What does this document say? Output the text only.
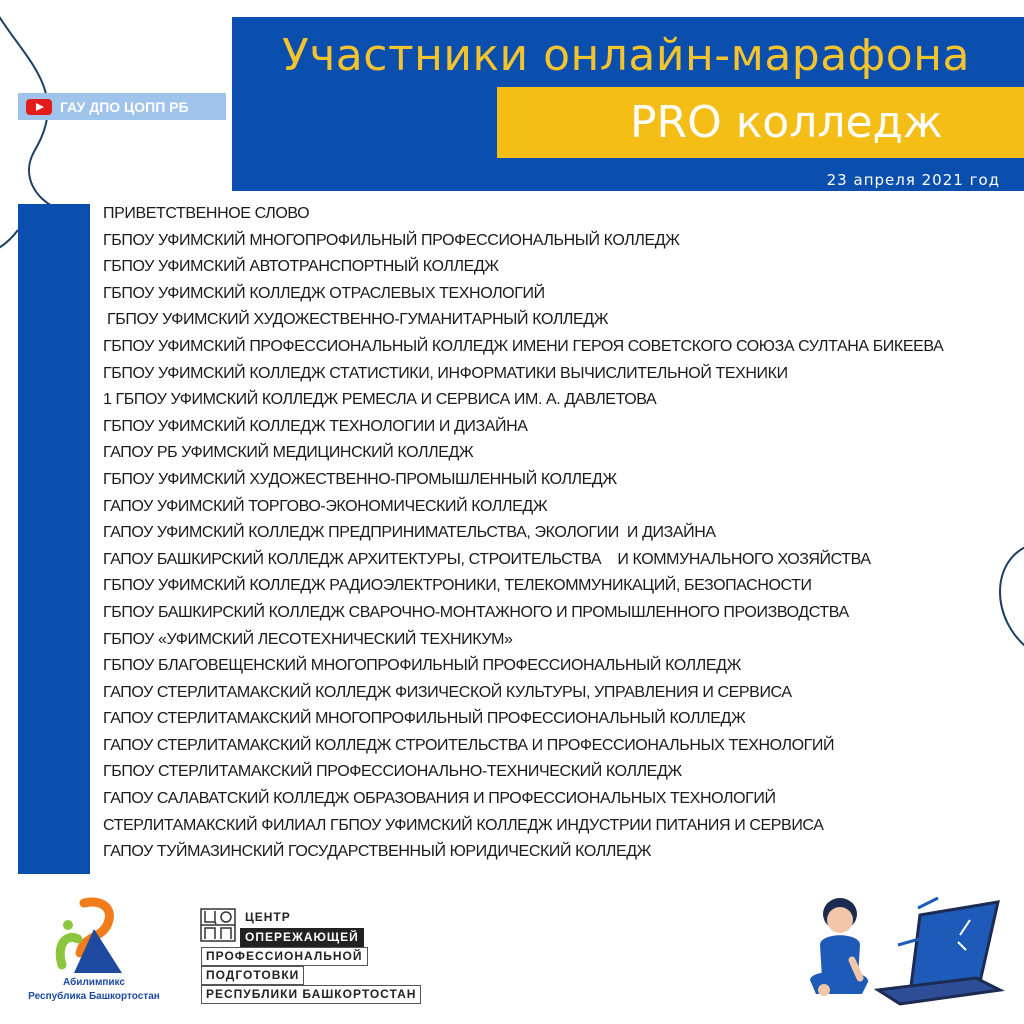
Участники онлайн-марафона
PRO колледж
23 апреля 2021 год
ГАУ ДПО ЦОПП РБ
ПРИВЕТСТВЕННОЕ СЛОВО
ГБПОУ УФИМСКИЙ МНОГОПРОФИЛЬНЫЙ ПРОФЕССИОНАЛЬНЫЙ КОЛЛЕДЖ
ГБПОУ УФИМСКИЙ АВТОТРАНСПОРТНЫЙ КОЛЛЕДЖ
ГБПОУ УФИМСКИЙ КОЛЛЕДЖ ОТРАСЛЕВЫХ ТЕХНОЛОГИЙ
ГБПОУ УФИМСКИЙ ХУДОЖЕСТВЕННО-ГУМАНИТАРНЫЙ КОЛЛЕДЖ
ГБПОУ УФИМСКИЙ ПРОФЕССИОНАЛЬНЫЙ КОЛЛЕДЖ ИМЕНИ ГЕРОЯ СОВЕТСКОГО СОЮЗА СУЛТАНА БИКЕЕВА
ГБПОУ УФИМСКИЙ КОЛЛЕДЖ СТАТИСТИКИ, ИНФОРМАТИКИ ВЫЧИСЛИТЕЛЬНОЙ ТЕХНИКИ
1 ГБПОУ УФИМСКИЙ КОЛЛЕДЖ РЕМЕСЛА И СЕРВИСА ИМ. А. ДАВЛЕТОВА
ГБПОУ УФИМСКИЙ КОЛЛЕДЖ ТЕХНОЛОГИИ И ДИЗАЙНА
ГАПОУ РБ УФИМСКИЙ МЕДИЦИНСКИЙ КОЛЛЕДЖ
ГБПОУ УФИМСКИЙ ХУДОЖЕСТВЕННО-ПРОМЫШЛЕННЫЙ КОЛЛЕДЖ
ГАПОУ УФИМСКИЙ ТОРГОВО-ЭКОНОМИЧЕСКИЙ КОЛЛЕДЖ
ГАПОУ УФИМСКИЙ КОЛЛЕДЖ ПРЕДПРИНИМАТЕЛЬСТВА, ЭКОЛОГИИ  И ДИЗАЙНА
ГАПОУ БАШКИРСКИЙ КОЛЛЕДЖ АРХИТЕКТУРЫ, СТРОИТЕЛЬСТВА    И КОММУНАЛЬНОГО ХОЗЯЙСТВА
ГБПОУ УФИМСКИЙ КОЛЛЕДЖ РАДИОЭЛЕКТРОНИКИ, ТЕЛЕКОММУНИКАЦИЙ, БЕЗОПАСНОСТИ
ГБПОУ БАШКИРСКИЙ КОЛЛЕДЖ СВАРОЧНО-МОНТАЖНОГО И ПРОМЫШЛЕННОГО ПРОИЗВОДСТВА
ГБПОУ «УФИМСКИЙ ЛЕСОТЕХНИЧЕСКИЙ ТЕХНИКУМ»
ГБПОУ БЛАГОВЕЩЕНСКИЙ МНОГОПРОФИЛЬНЫЙ ПРОФЕССИОНАЛЬНЫЙ КОЛЛЕДЖ
ГАПОУ СТЕРЛИТАМАКСКИЙ КОЛЛЕДЖ ФИЗИЧЕСКОЙ КУЛЬТУРЫ, УПРАВЛЕНИЯ И СЕРВИСА
ГАПОУ СТЕРЛИТАМАКСКИЙ МНОГОПРОФИЛЬНЫЙ ПРОФЕССИОНАЛЬНЫЙ КОЛЛЕДЖ
ГАПОУ СТЕРЛИТАМАКСКИЙ КОЛЛЕДЖ СТРОИТЕЛЬСТВА И ПРОФЕССИОНАЛЬНЫХ ТЕХНОЛОГИЙ
ГБПОУ СТЕРЛИТАМАКСКИЙ ПРОФЕССИОНАЛЬНО-ТЕХНИЧЕСКИЙ КОЛЛЕДЖ
ГАПОУ САЛАВАТСКИЙ КОЛЛЕДЖ ОБРАЗОВАНИЯ И ПРОФЕССИОНАЛЬНЫХ ТЕХНОЛОГИЙ
СТЕРЛИТАМАКСКИЙ ФИЛИАЛ ГБПОУ УФИМСКИЙ КОЛЛЕДЖ ИНДУСТРИИ ПИТАНИЯ И СЕРВИСА
ГАПОУ ТУЙМАЗИНСКИЙ ГОСУДАРСТВЕННЫЙ ЮРИДИЧЕСКИЙ КОЛЛЕДЖ
Абилимпикс
Республика Башкортостан
ЦЕНТР
ОПЕРЕЖАЮЩЕЙ
ПРОФЕССИОНАЛЬНОЙ
ПОДГОТОВКИ
РЕСПУБЛИКИ БАШКОРТОСТАН
